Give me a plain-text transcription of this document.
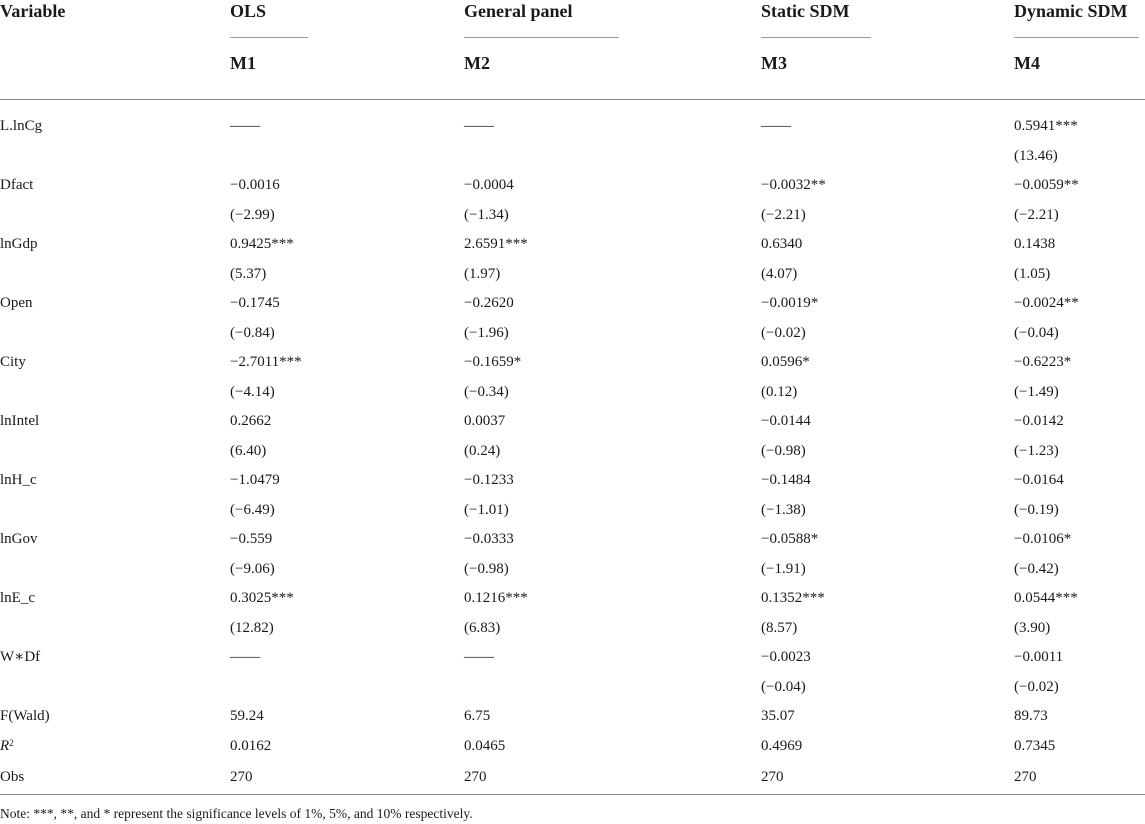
Variable	OLS	General panel	Static SDM	Dynamic SDM

	M1	M2	M3	M4
L.lnCg	——	——	——	0.5941***
				(13.46)
Dfact	−0.0016	−0.0004	−0.0032**	−0.0059**
	(−2.99)	(−1.34)	(−2.21)	(−2.21)
lnGdp	0.9425***	2.6591***	0.6340	0.1438
	(5.37)	(1.97)	(4.07)	(1.05)
Open	−0.1745	−0.2620	−0.0019*	−0.0024**
	(−0.84)	(−1.96)	(−0.02)	(−0.04)
City	−2.7011***	−0.1659*	0.0596*	−0.6223*
	(−4.14)	(−0.34)	(0.12)	(−1.49)
lnIntel	0.2662	0.0037	−0.0144	−0.0142
	(6.40)	(0.24)	(−0.98)	(−1.23)
lnH_c	−1.0479	−0.1233	−0.1484	−0.0164
	(−6.49)	(−1.01)	(−1.38)	(−0.19)
lnGov	−0.559	−0.0333	−0.0588*	−0.0106*
	(−9.06)	(−0.98)	(−1.91)	(−0.42)
lnE_c	0.3025***	0.1216***	0.1352***	0.0544***
	(12.82)	(6.83)	(8.57)	(3.90)
W∗Df	——	——	−0.0023	−0.0011
			(−0.04)	(−0.02)
F(Wald)	59.24	6.75	35.07	89.73
$R^2$	0.0162	0.0465	0.4969	0.7345
Obs	270	270	270	270
Note: ***, **, and * represent the significance levels of 1%, 5%, and 10% respectively.
